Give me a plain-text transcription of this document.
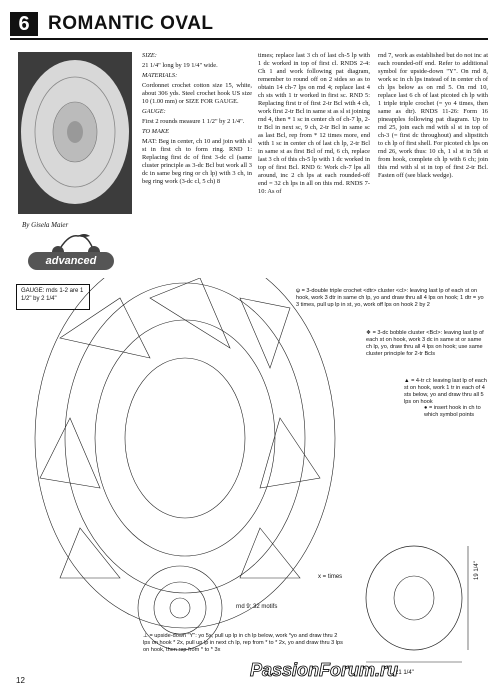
6 ROMANTIC OVAL
By Gisela Maier
advanced
GAUGE: rnds 1-2 are 1 1/2" by 2 1/4"

SIZE:

21 1/4" long by 19 1/4" wide.

MATERIALS:

Cordonnet crochet cotton size 15, white, about 306 yds. Steel crochet hook US size 10 (1.00 mm) or SIZE FOR GAUGE.

GAUGE:

First 2 rounds measure 1 1/2" by 2 1/4".

TO MAKE

MAT: Beg in center, ch 10 and join with sl st in first ch to form ring. RND 1: Replacing first dc of first 3-dc cl (same cluster principle as 3-dc Bcl but work all 3 dc in same beg ring or ch lp) with 3 ch, in beg ring work (3-dc cl, 5 ch) 8

times; replace last 3 ch of last ch-5 lp with 1 dc worked in top of first cl. RNDS 2-4: Ch 1 and work following pat diagram, remember to round off on 2 sides so as to obtain 14 ch-7 lps on rnd 4; replace last 4 ch sts with 1 tr worked in first sc. RND 5: Replacing first tr of first 2-tr Bcl with 4 ch, work first 2-tr Bcl in same st as sl st joining rnd 4, then * 1 sc in center ch of ch-7 lp, 2-tr Bcl in next sc, 9 ch, 2-tr Bcl in same sc as last Bcl, rep from * 12 times more, end with 1 sc in center ch of last ch lp, 2-tr Bcl in same st as first Bcl of rnd, 6 ch, replace last 3 ch of this ch-5 lp with 1 dc worked in top of first Bcl. RND 6: Work ch-7 lps all around, inc 2 ch lps at each rounded-off end = 32 ch lps in all on this rnd. RNDS 7-10: As of
rnd 7, work as established but do not inc at each rounded-off end. Refer to additional symbol for upside-down "Y". On rnd 8, work sc in ch lps instead of in center ch of ch lps below as on rnd 5. On rnd 10, replace last 6 ch of last picoted ch lp with 1 triple triple crochet (= yo 4 times, then same as dtr). RNDS 11-26: Form 16 pineapples following pat diagram. Up to rnd 25, join each rnd with sl st in top of ch-3 (= first dc throughout) and slipstitch to ch lp of first shell. For picoted ch lps on rnd 26, work thus: 10 ch, 1 sl st in 5th st from hook, complete ch lp with 6 ch; join this rnd with sl st in top of first 2-tr Bcl. Fasten off (see black wedge).
ψ = 3-double triple crochet <dtr> cluster <cl>: leaving last lp of each st on hook, work 3 dtr in same ch lp, yo and draw thru all 4 lps on hook; 1 dtr = yo 3 times, pull up lp in st, yo, work off lps on hook 2 by 2
❖ = 3-dc bobble cluster <Bcl>: leaving last lp of each st on hook, work 3 dc in same st or same ch lp, yo, draw thru all 4 lps on hook; use same cluster principle for 2-tr Bcls
▲ = 4-tr cl: leaving last lp of each st on hook, work 1 tr in each of 4 sts below, yo and draw thru all 5 lps on hook
● = insert hook in ch to which symbol points
x = times
rnd 9: 32 motifs
⊥ = upside-down "Y": yo 5x, pull up lp in ch lp below, work *yo and draw thru 2 lps on hook * 2x, pull up lp in next ch lp, rep from * to * 2x, yo and draw thru 3 lps on hook, then rep from * to * 3x
21 1/4"
19 1/4"
12
PassionForum.ru
